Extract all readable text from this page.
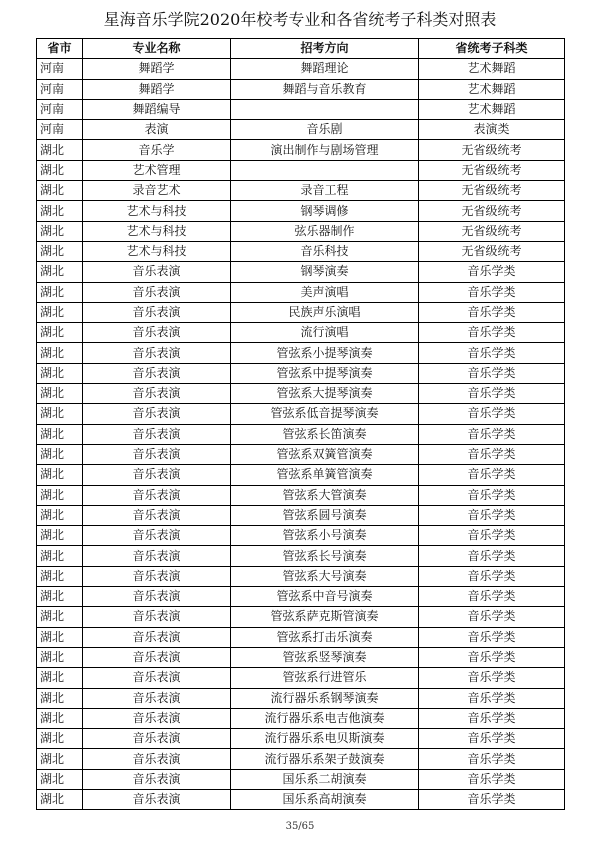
星海音乐学院2020年校考专业和各省统考子科类对照表
省市	专业名称	招考方向	省统考子科类
河南	舞蹈学	舞蹈理论	艺术舞蹈
河南	舞蹈学	舞蹈与音乐教育	艺术舞蹈
河南	舞蹈编导		艺术舞蹈
河南	表演	音乐剧	表演类
湖北	音乐学	演出制作与剧场管理	无省级统考
湖北	艺术管理		无省级统考
湖北	录音艺术	录音工程	无省级统考
湖北	艺术与科技	钢琴调修	无省级统考
湖北	艺术与科技	弦乐器制作	无省级统考
湖北	艺术与科技	音乐科技	无省级统考
湖北	音乐表演	钢琴演奏	音乐学类
湖北	音乐表演	美声演唱	音乐学类
湖北	音乐表演	民族声乐演唱	音乐学类
湖北	音乐表演	流行演唱	音乐学类
湖北	音乐表演	管弦系小提琴演奏	音乐学类
湖北	音乐表演	管弦系中提琴演奏	音乐学类
湖北	音乐表演	管弦系大提琴演奏	音乐学类
湖北	音乐表演	管弦系低音提琴演奏	音乐学类
湖北	音乐表演	管弦系长笛演奏	音乐学类
湖北	音乐表演	管弦系双簧管演奏	音乐学类
湖北	音乐表演	管弦系单簧管演奏	音乐学类
湖北	音乐表演	管弦系大管演奏	音乐学类
湖北	音乐表演	管弦系圆号演奏	音乐学类
湖北	音乐表演	管弦系小号演奏	音乐学类
湖北	音乐表演	管弦系长号演奏	音乐学类
湖北	音乐表演	管弦系大号演奏	音乐学类
湖北	音乐表演	管弦系中音号演奏	音乐学类
湖北	音乐表演	管弦系萨克斯管演奏	音乐学类
湖北	音乐表演	管弦系打击乐演奏	音乐学类
湖北	音乐表演	管弦系竖琴演奏	音乐学类
湖北	音乐表演	管弦系行进管乐	音乐学类
湖北	音乐表演	流行器乐系钢琴演奏	音乐学类
湖北	音乐表演	流行器乐系电吉他演奏	音乐学类
湖北	音乐表演	流行器乐系电贝斯演奏	音乐学类
湖北	音乐表演	流行器乐系架子鼓演奏	音乐学类
湖北	音乐表演	国乐系二胡演奏	音乐学类
湖北	音乐表演	国乐系高胡演奏	音乐学类
35/65
